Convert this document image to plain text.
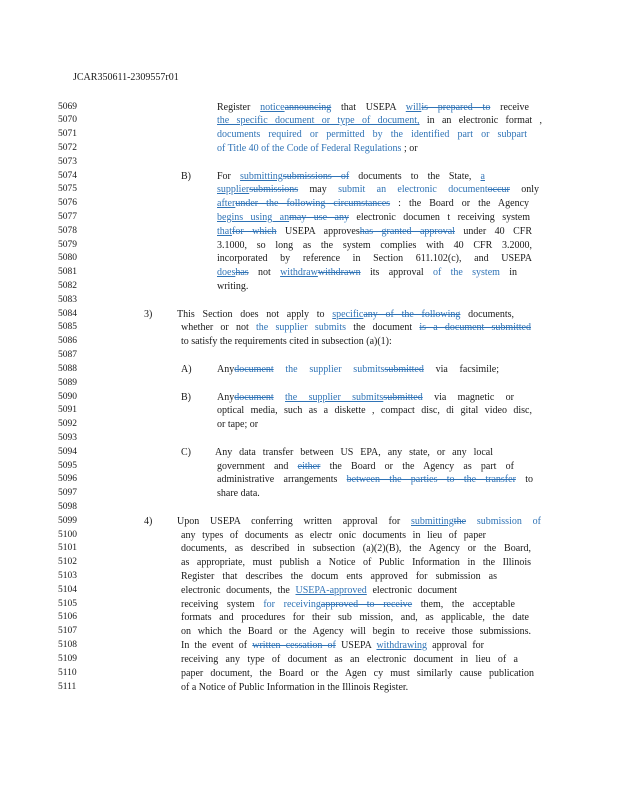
JCAR350611-2309557r01
5069
5070
5071
5072
5073
5074
5075
5076
5077
5078
5079
5080
5081
5082
5083
5084
5085
5086
5087
5088
5089
5090
5091
5092
5093
5094
5095
5096
5097
5098
5099
5100
5101
5102
5103
5104
5105
5106
5107
5108
5109
5110
5111
B)
3)
A)
B)
C)
4)
Register noticeannouncing that USEPA willis prepared to receive
the specific document or type of document, in an electronic format ,
documents required or permitted by the identified part or subpart
of Title 40 of the Code of Federal Regulations ; or
For submittingsubmissions of documents to the State, a
suppliersubmissions may submit an electronic documentoccur only
afterunder the following circumstances : the Board or the Agency
begins using anmay use any electronic documen t receiving system
thatfor which USEPA approveshas granted approval under 40 CFR
3.1000, so long as the system complies with 40 CFR 3.2000,
incorporated by reference in Section 611.102(c), and USEPA
doeshas not withdrawwithdrawn its approval of the system in
writing.
This Section does not apply to specificany of the following documents,
whether or not the supplier submits the document is a document submitted
to satisfy the requirements cited in subsection (a)(1):
Anydocument the supplier submitssubmitted via facsimile;
Anydocument the supplier submitssubmitted via magnetic or
optical media, such as a diskette , compact disc, di gital video disc,
or tape; or
Any data transfer between US EPA, any state, or any local
government and either the Board or the Agency as part of
administrative arrangements between the parties to the transfer to
share data.
Upon USEPA conferring written approval for submittingthe submission of
any types of documents as electr onic documents in lieu of paper
documents, as described in subsection (a)(2)(B), the Agency or the Board,
as appropriate, must publish a Notice of Public Information in the Illinois
Register that describes the docum ents approved for submission as
electronic documents, the USEPA-approved electronic document
receiving system for receivingapproved to receive them, the acceptable
formats and procedures for their sub mission, and, as applicable, the date
on which the Board or the Agency will begin to receive those submissions.
In the event of written cessation of USEPA withdrawing approval for
receiving any type of document as an electronic document in lieu of a
paper document, the Board or the Agen cy must similarly cause publication
of a Notice of Public Information in the Illinois Register.
